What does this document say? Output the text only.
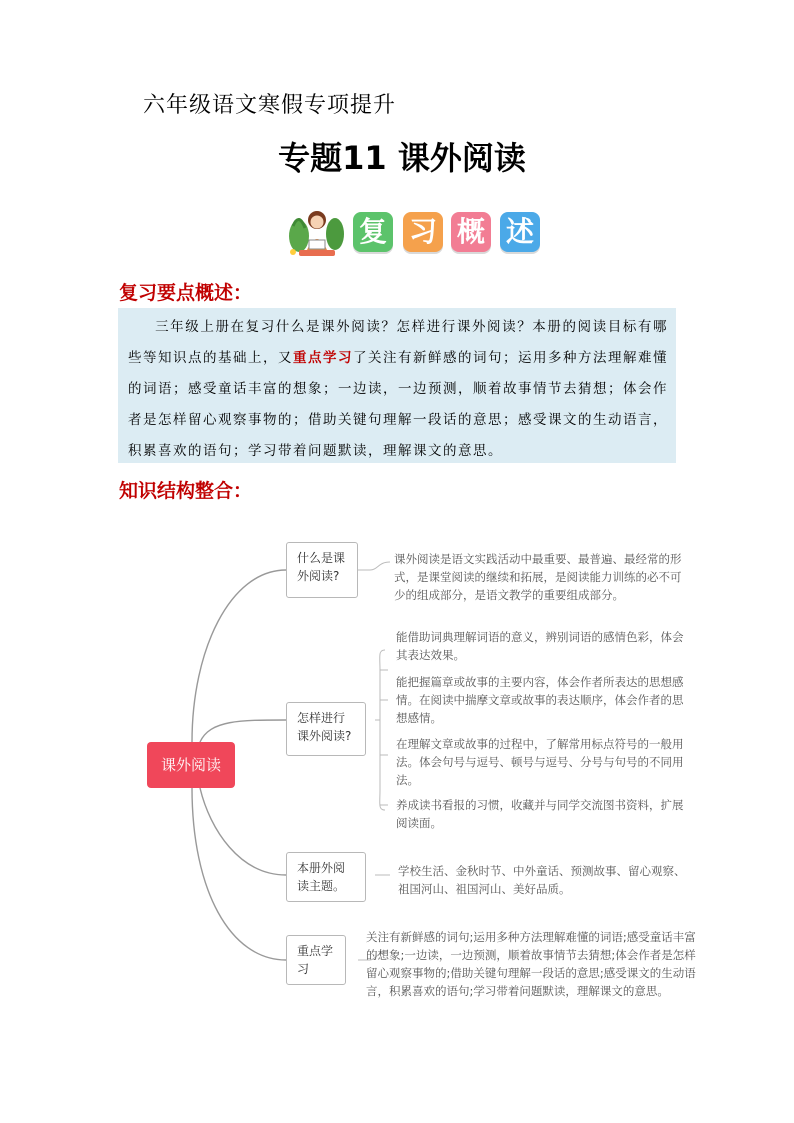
六年级语文寒假专项提升
专题11 课外阅读
复 习 概 述
复习要点概述：
三年级上册在复习什么是课外阅读？怎样进行课外阅读？本册的阅读目标有哪些等知识点的基础上，又重点学习了关注有新鲜感的词句；运用多种方法理解难懂的词语；感受童话丰富的想象；一边读，一边预测，顺着故事情节去猜想；体会作者是怎样留心观察事物的；借助关键句理解一段话的意思；感受课文的生动语言，积累喜欢的语句；学习带着问题默读，理解课文的意思。
知识结构整合：
课外阅读
什么是课外阅读?
课外阅读是语文实践活动中最重要、最普遍、最经常的形式，是课堂阅读的继续和拓展，是阅读能力训练的必不可少的组成部分，是语文教学的重要组成部分。
怎样进行课外阅读?
能借助词典理解词语的意义，辨别词语的感情色彩，体会其表达效果。
能把握篇章或故事的主要内容，体会作者所表达的思想感情。在阅读中揣摩文章或故事的表达顺序，体会作者的思想感情。
在理解文章或故事的过程中，了解常用标点符号的一般用法。体会句号与逗号、顿号与逗号、分号与句号的不同用法。
养成读书看报的习惯，收藏并与同学交流图书资料，扩展阅读面。
本册外阅读主题。
学校生活、金秋时节、中外童话、预测故事、留心观察、祖国河山、祖国河山、美好品质。
重点学习
关注有新鲜感的词句;运用多种方法理解难懂的词语;感受童话丰富的想象;一边读，一边预测，顺着故事情节去猜想;体会作者是怎样留心观察事物的;借助关键句理解一段话的意思;感受课文的生动语言，积累喜欢的语句;学习带着问题默读，理解课文的意思。
